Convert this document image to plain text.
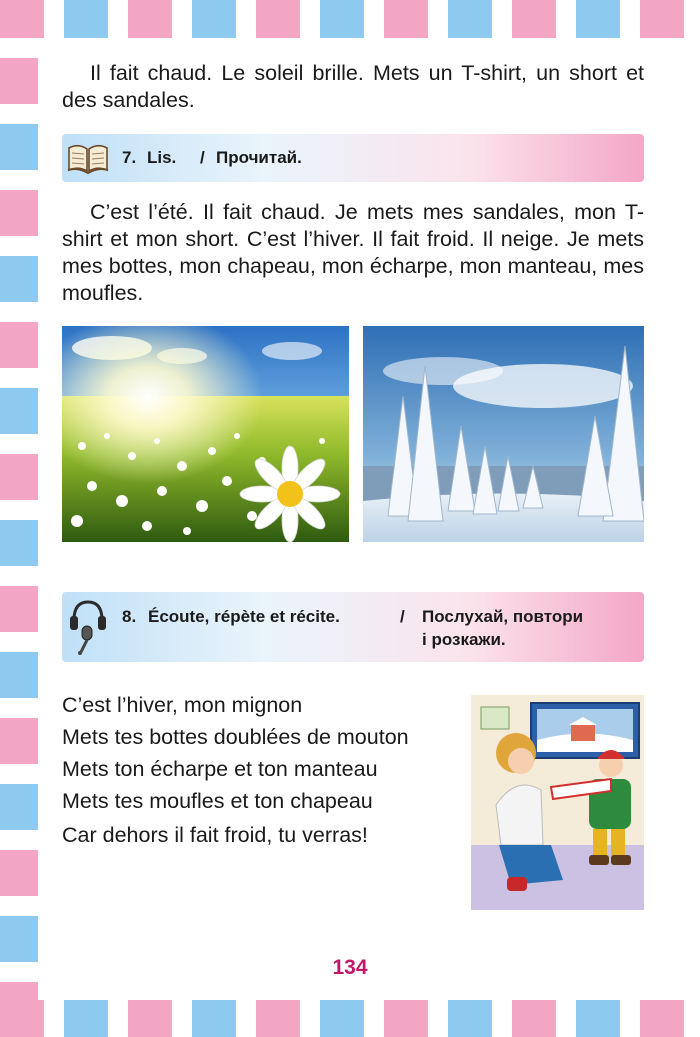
Il fait chaud. Le soleil brille. Mets un T-shirt, un short et des sandales.

7. Lis. / Прочитай.

C’est l’été. Il fait chaud. Je mets mes sandales, mon T-shirt et mon short. C’est l’hiver. Il fait froid. Il neige. Je mets mes bottes, mon chapeau, mon écharpe, mon manteau, mes moufles.

8. Écoute, répète et récite.	/ Послухай, повтори
і розкажи.
C’est l’hiver, mon mignon
Mets tes bottes doublées de mouton
Mets ton écharpe et ton manteau
Mets tes moufles et ton chapeau
Car dehors il fait froid, tu verras!
134
